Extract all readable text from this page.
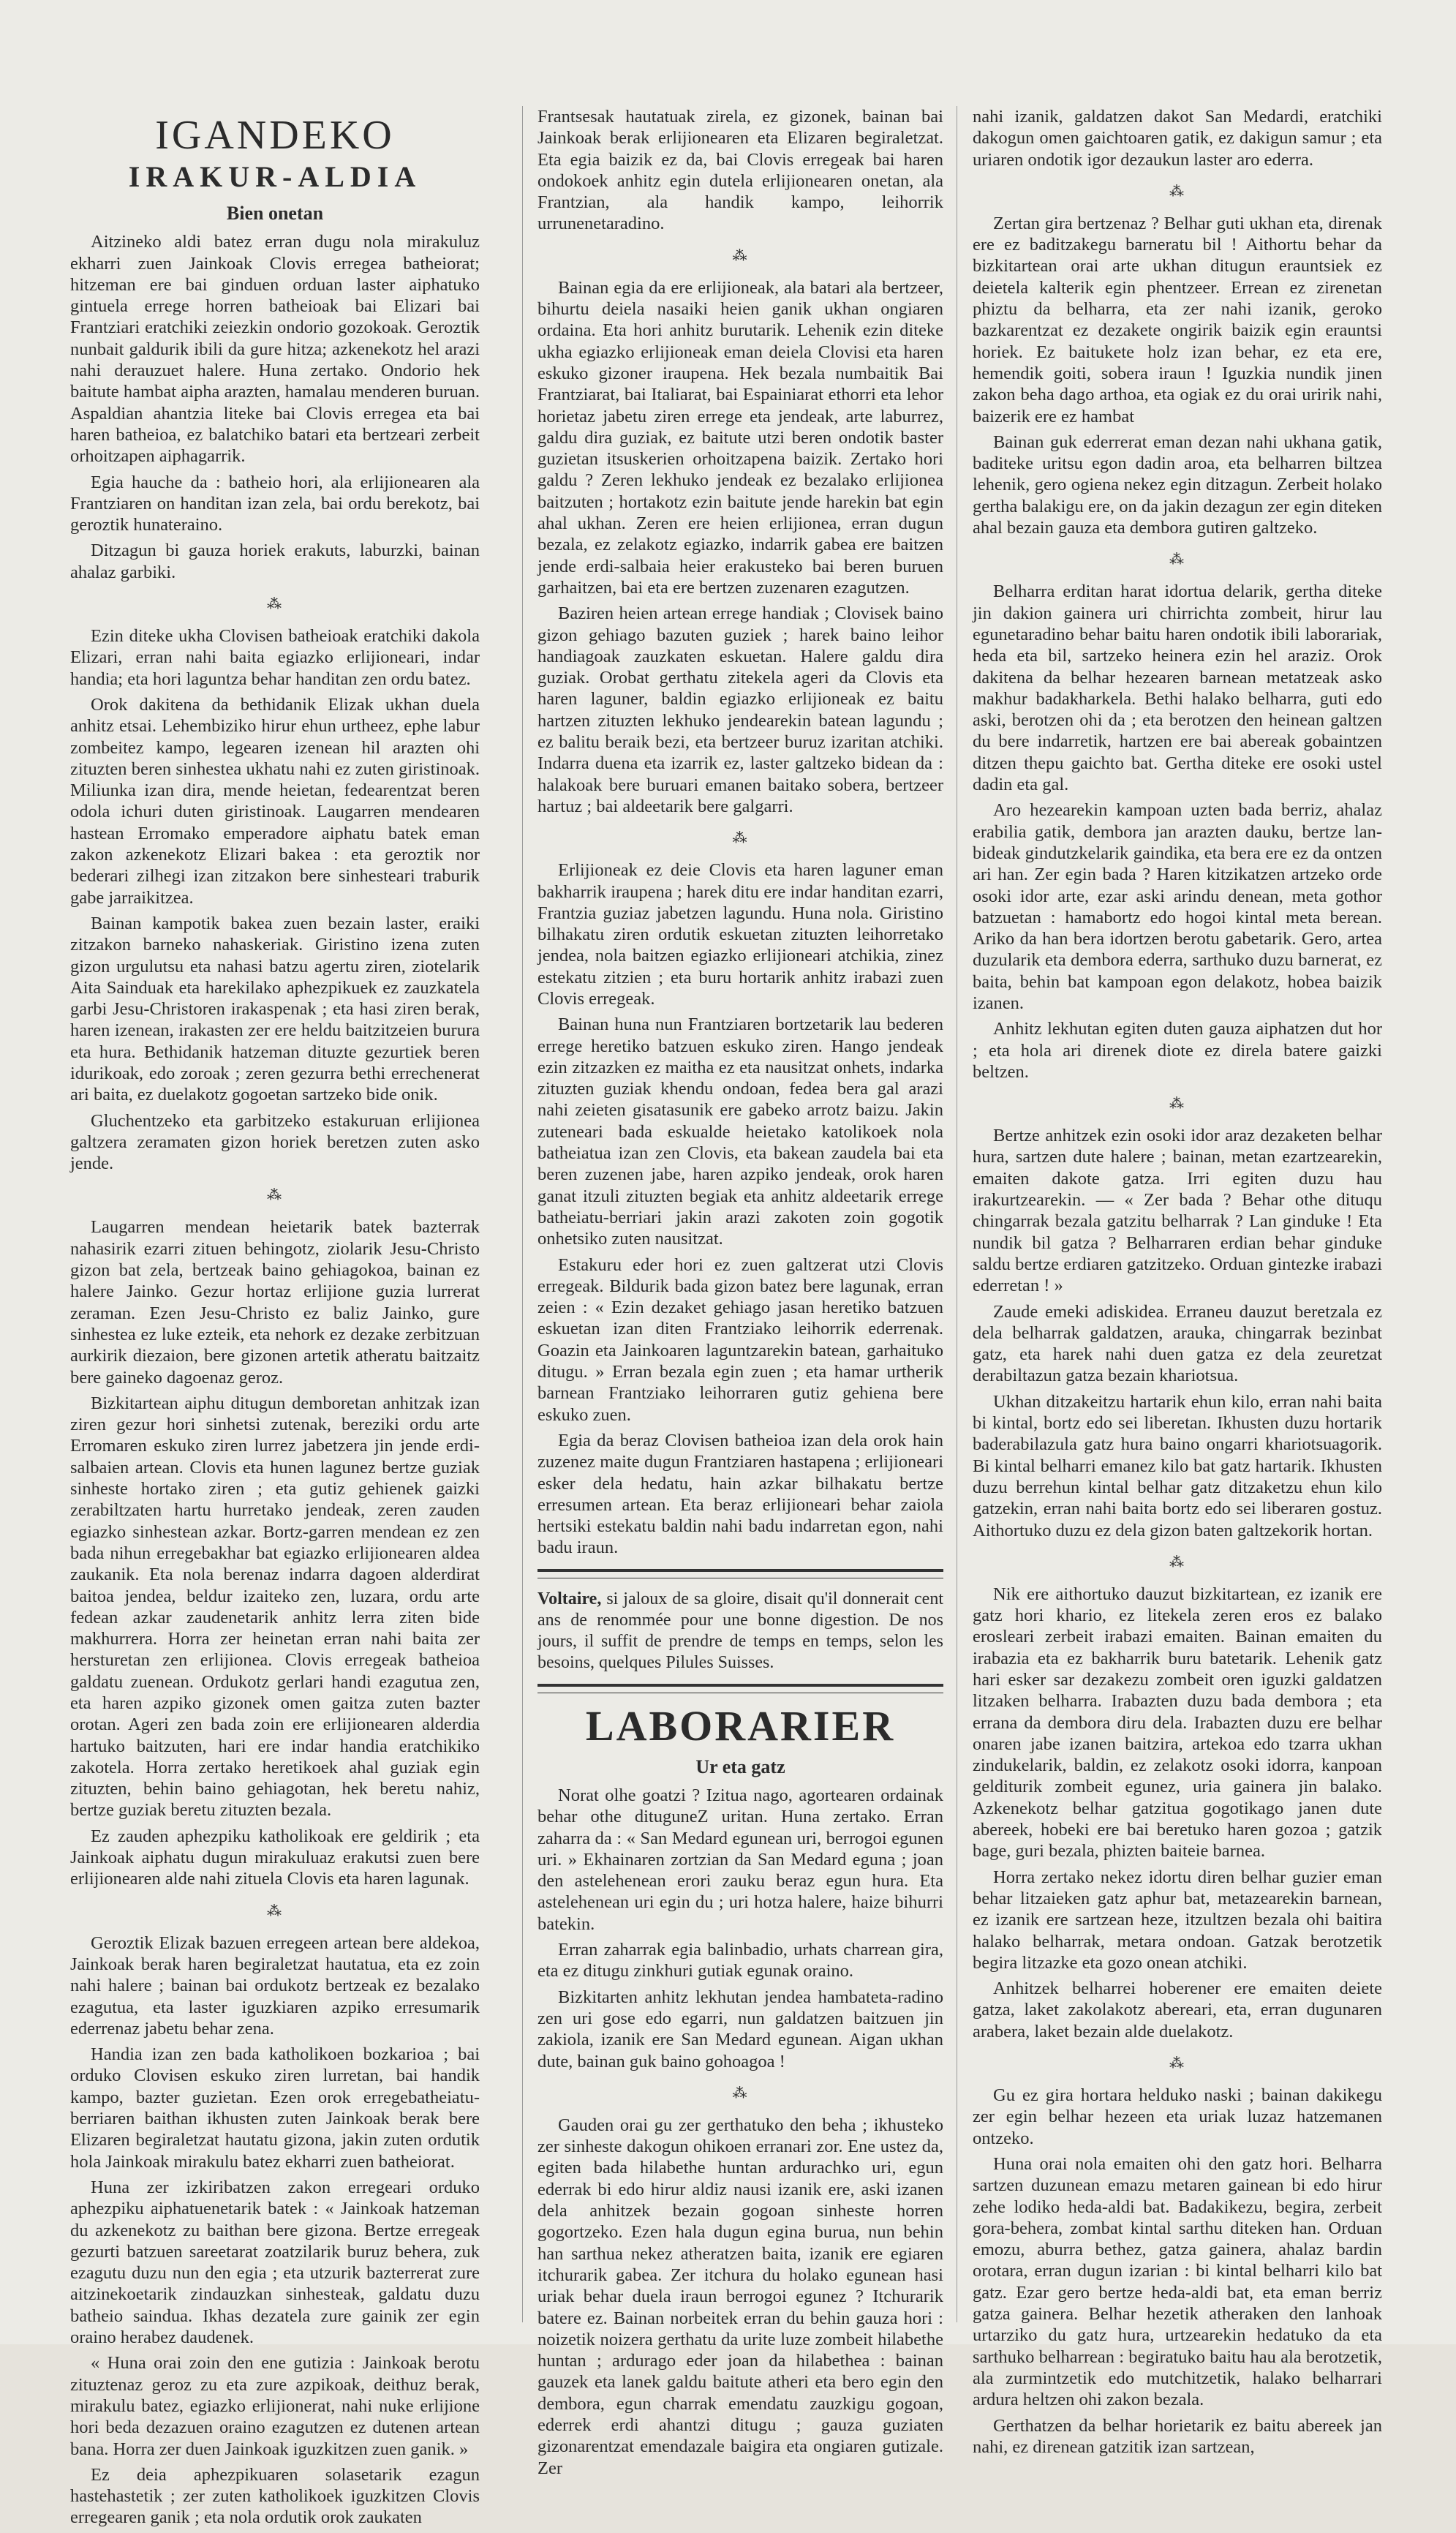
IGANDEKO
IRAKUR-ALDIA
Bien onetan

Aitzineko aldi batez erran dugu nola mirakuluz ekharri zuen Jainkoak Clovis erregea batheiorat; hitzeman ere bai ginduen orduan laster aiphatuko gintuela errege horren batheioak bai Elizari bai Frantziari eratchiki zeiezkin ondorio gozokoak. Geroztik nunbait galdurik ibili da gure hitza; azkenekotz hel arazi nahi derauzuet halere. Huna zertako. Ondorio hek baitute hambat aipha arazten, hamalau menderen buruan. Aspaldian ahantzia liteke bai Clovis erregea eta bai haren batheioa, ez balatchiko batari eta bertzeari zerbeit orhoitzapen aiphagarrik.

Egia hauche da : batheio hori, ala erlijionearen ala Frantziaren on handitan izan zela, bai ordu berekotz, bai geroztik hunateraino.

Ditzagun bi gauza horiek erakuts, laburzki, bainan ahalaz garbiki.

⁂

Ezin diteke ukha Clovisen batheioak eratchiki dakola Elizari, erran nahi baita egiazko erlijioneari, indar handia; eta hori laguntza behar handitan zen ordu batez.

Orok dakitena da bethidanik Elizak ukhan duela anhitz etsai. Lehembiziko hirur ehun urtheez, ephe labur zombeitez kampo, legearen izenean hil arazten ohi zituzten beren sinhestea ukhatu nahi ez zuten giristinoak. Miliunka izan dira, mende heietan, fedearentzat beren odola ichuri duten giristinoak. Laugarren mendearen hastean Erromako emperadore aiphatu batek eman zakon azkenekotz Elizari bakea : eta geroztik nor bederari zilhegi izan zitzakon bere sinhesteari traburik gabe jarraikitzea.

Bainan kampotik bakea zuen bezain laster, eraiki zitzakon barneko nahaskeriak. Giristino izena zuten gizon urgulutsu eta nahasi batzu agertu ziren, ziotelarik Aita Sainduak eta harekilako aphezpikuek ez zauzkatela garbi Jesu-Christoren irakaspenak ; eta hasi ziren berak, haren izenean, irakasten zer ere heldu baitzitzeien burura eta hura. Bethidanik hatzeman dituzte gezurtiek beren idurikoak, edo zoroak ; zeren gezurra bethi errechenerat ari baita, ez duelakotz gogoetan sartzeko bide onik.

Gluchentzeko eta garbitzeko estakuruan erlijionea galtzera zeramaten gizon horiek beretzen zuten asko jende.

⁂

Laugarren mendean heietarik batek bazterrak nahasirik ezarri zituen behingotz, ziolarik Jesu-Christo gizon bat zela, bertzeak baino gehiagokoa, bainan ez halere Jainko. Gezur hortaz erlijione guzia lurrerat zeraman. Ezen Jesu-Christo ez baliz Jainko, gure sinhestea ez luke ezteik, eta nehork ez dezake zerbitzuan aurkirik diezaion, bere gizonen artetik atheratu baitzaitz bere gaineko dagoenaz geroz.

Bizkitartean aiphu ditugun demboretan anhitzak izan ziren gezur hori sinhetsi zutenak, bereziki ordu arte Erromaren eskuko ziren lurrez jabetzera jin jende erdi-salbaien artean. Clovis eta hunen lagunez bertze guziak sinheste hortako ziren ; eta gutiz gehienek gaizki zerabiltzaten hartu hurretako jendeak, zeren zauden egiazko sinhestean azkar. Bortz-garren mendean ez zen bada nihun erregebakhar bat egiazko erlijionearen aldea zaukanik. Eta nola berenaz indarra dagoen alderdirat baitoa jendea, beldur izaiteko zen, luzara, ordu arte fedean azkar zaudenetarik anhitz lerra ziten bide makhurrera. Horra zer heinetan erran nahi baita zer hersturetan zen erlijionea. Clovis erregeak batheioa galdatu zuenean. Ordukotz gerlari handi ezagutua zen, eta haren azpiko gizonek omen gaitza zuten bazter orotan. Ageri zen bada zoin ere erlijionearen alderdia hartuko baitzuten, hari ere indar handia eratchikiko zakotela. Horra zertako heretikoek ahal guziak egin zituzten, behin baino gehiagotan, hek beretu nahiz, bertze guziak beretu zituzten bezala.

Ez zauden aphezpiku katholikoak ere geldirik ; eta Jainkoak aiphatu dugun mirakuluaz erakutsi zuen bere erlijionearen alde nahi zituela Clovis eta haren lagunak.

⁂

Geroztik Elizak bazuen erregeen artean bere aldekoa, Jainkoak berak haren begiraletzat hautatua, eta ez zoin nahi halere ; bainan bai ordukotz bertzeak ez bezalako ezagutua, eta laster iguzkiaren azpiko erresumarik ederrenaz jabetu behar zena.

Handia izan zen bada katholikoen bozkarioa ; bai orduko Clovisen eskuko ziren lurretan, bai handik kampo, bazter guzietan. Ezen orok erregebatheiatu-berriaren baithan ikhusten zuten Jainkoak berak bere Elizaren begiraletzat hautatu gizona, jakin zuten ordutik hola Jainkoak mirakulu batez ekharri zuen batheiorat.

Huna zer izkiribatzen zakon erregeari orduko aphezpiku aiphatuenetarik batek : « Jainkoak hatzeman du azkenekotz zu baithan bere gizona. Bertze erregeak gezurti batzuen sareetarat zoatzilarik buruz behera, zuk ezagutu duzu nun den egia ; eta utzurik bazterrerat zure aitzinekoetarik zindauzkan sinhesteak, galdatu duzu batheio saindua. Ikhas dezatela zure gainik zer egin oraino herabez daudenek.

« Huna orai zoin den ene gutizia : Jainkoak berotu zituztenaz geroz zu eta zure azpikoak, deithuz berak, mirakulu batez, egiazko erlijionerat, nahi nuke erlijione hori beda dezazuen oraino ezagutzen ez dutenen artean bana. Horra zer duen Jainkoak iguzkitzen zuen ganik. »

Ez deia aphezpikuaren solasetarik ezagun hastehastetik ; zer zuten katholikoek iguzkitzen Clovis erregearen ganik ; eta nola ordutik orok zaukaten

Frantsesak hautatuak zirela, ez gizonek, bainan bai Jainkoak berak erlijionearen eta Elizaren begiraletzat. Eta egia baizik ez da, bai Clovis erregeak bai haren ondokoek anhitz egin dutela erlijionearen onetan, ala Frantzian, ala handik kampo, leihorrik urrunenetaradino.

⁂

Bainan egia da ere erlijioneak, ala batari ala bertzeer, bihurtu deiela nasaiki heien ganik ukhan ongiaren ordaina. Eta hori anhitz burutarik. Lehenik ezin diteke ukha egiazko erlijioneak eman deiela Clovisi eta haren eskuko gizoner iraupena. Hek bezala numbaitik Bai Frantziarat, bai Italiarat, bai Espainiarat ethorri eta lehor horietaz jabetu ziren errege eta jendeak, arte laburrez, galdu dira guziak, ez baitute utzi beren ondotik baster guzietan itsuskerien orhoitzapena baizik. Zertako hori galdu ? Zeren lekhuko jendeak ez bezalako erlijionea baitzuten ; hortakotz ezin baitute jende harekin bat egin ahal ukhan. Zeren ere heien erlijionea, erran dugun bezala, ez zelakotz egiazko, indarrik gabea ere baitzen jende erdi-salbaia heier erakusteko bai beren buruen garhaitzen, bai eta ere bertzen zuzenaren ezagutzen.

Baziren heien artean errege handiak ; Clovisek baino gizon gehiago bazuten guziek ; harek baino leihor handiagoak zauzkaten eskuetan. Halere galdu dira guziak. Orobat gerthatu zitekela ageri da Clovis eta haren laguner, baldin egiazko erlijioneak ez baitu hartzen zituzten lekhuko jendearekin batean lagundu ; ez balitu beraik bezi, eta bertzeer buruz izaritan atchiki. Indarra duena eta izarrik ez, laster galtzeko bidean da : halakoak bere buruari emanen baitako sobera, bertzeer hartuz ; bai aldeetarik bere galgarri.

⁂

Erlijioneak ez deie Clovis eta haren laguner eman bakharrik iraupena ; harek ditu ere indar handitan ezarri, Frantzia guziaz jabetzen lagundu. Huna nola. Giristino bilhakatu ziren ordutik eskuetan zituzten leihorretako jendea, nola baitzen egiazko erlijioneari atchikia, zinez estekatu zitzien ; eta buru hortarik anhitz irabazi zuen Clovis erregeak.

Bainan huna nun Frantziaren bortzetarik lau bederen errege heretiko batzuen eskuko ziren. Hango jendeak ezin zitzazken ez maitha ez eta nausitzat onhets, indarka zituzten guziak khendu ondoan, fedea bera gal arazi nahi zeieten gisatasunik ere gabeko arrotz baizu. Jakin zuteneari bada eskualde heietako katolikoek nola batheiatua izan zen Clovis, eta bakean zaudela bai eta beren zuzenen jabe, haren azpiko jendeak, orok haren ganat itzuli zituzten begiak eta anhitz aldeetarik errege batheiatu-berriari jakin arazi zakoten zoin gogotik onhetsiko zuten nausitzat.

Estakuru eder hori ez zuen galtzerat utzi Clovis erregeak. Bildurik bada gizon batez bere lagunak, erran zeien : « Ezin dezaket gehiago jasan heretiko batzuen eskuetan izan diten Frantziako leihorrik ederrenak. Goazin eta Jainkoaren laguntzarekin batean, garhaituko ditugu. » Erran bezala egin zuen ; eta hamar urtherik barnean Frantziako leihorraren gutiz gehiena bere eskuko zuen.

Egia da beraz Clovisen batheioa izan dela orok hain zuzenez maite dugun Frantziaren hastapena ; erlijioneari esker dela hedatu, hain azkar bilhakatu bertze erresumen artean. Eta beraz erlijioneari behar zaiola hertsiki estekatu baldin nahi badu indarretan egon, nahi badu iraun.

Voltaire, si jaloux de sa gloire, disait qu'il donnerait cent ans de renommée pour une bonne digestion. De nos jours, il suffit de prendre de temps en temps, selon les besoins, quelques Pilules Suisses.
LABORARIER
Ur eta gatz

Norat olhe goatzi ? Izitua nago, agortearen ordainak behar othe dituguneZ uritan. Huna zertako. Erran zaharra da : « San Medard egunean uri, berrogoi egunen uri. » Ekhainaren zortzian da San Medard eguna ; joan den astelehenean erori zauku beraz egun hura. Eta astelehenean uri egin du ; uri hotza halere, haize bihurri batekin.

Erran zaharrak egia balinbadio, urhats charrean gira, eta ez ditugu zinkhuri gutiak egunak oraino.

Bizkitarten anhitz lekhutan jendea hambateta-radino zen uri gose edo egarri, nun galdatzen baitzuen jin zakiola, izanik ere San Medard egunean. Aigan ukhan dute, bainan guk baino gohoagoa !

⁂

Gauden orai gu zer gerthatuko den beha ; ikhusteko zer sinheste dakogun ohikoen erranari zor. Ene ustez da, egiten bada hilabethe huntan ardurachko uri, egun ederrak bi edo hirur aldiz nausi izanik ere, aski izanen dela anhitzek bezain gogoan sinheste horren gogortzeko. Ezen hala dugun egina burua, nun behin han sarthua nekez atheratzen baita, izanik ere egiaren itchurarik gabea. Zer itchura du holako egunean hasi uriak behar duela iraun berrogoi egunez ? Itchurarik batere ez. Bainan norbeitek erran du behin gauza hori : noizetik noizera gerthatu da urite luze zombeit hilabethe huntan ; ardurago eder joan da hilabethea : bainan gauzek eta lanek galdu baitute atheri eta bero egin den dembora, egun charrak emendatu zauzkigu gogoan, ederrek erdi ahantzi ditugu ; gauza guziaten gizonarentzat emendazale baigira eta ongiaren gutizale. Zer

nahi izanik, galdatzen dakot San Medardi, eratchiki dakogun omen gaichtoaren gatik, ez dakigun samur ; eta uriaren ondotik igor dezaukun laster aro ederra.

⁂

Zertan gira bertzenaz ? Belhar guti ukhan eta, direnak ere ez baditzakegu barneratu bil ! Aithortu behar da bizkitartean orai arte ukhan ditugun erauntsiek ez deietela kalterik egin phentzeer. Errean ez zirenetan phiztu da belharra, eta zer nahi izanik, geroko bazkarentzat ez dezakete ongirik baizik egin erauntsi horiek. Ez baitukete holz izan behar, ez eta ere, hemendik goiti, sobera iraun ! Iguzkia nundik jinen zakon beha dago arthoa, eta ogiak ez du orai uririk nahi, baizerik ere ez hambat

Bainan guk ederrerat eman dezan nahi ukhana gatik, baditeke uritsu egon dadin aroa, eta belharren biltzea lehenik, gero ogiena nekez egin ditzagun. Zerbeit holako gertha balakigu ere, on da jakin dezagun zer egin diteken ahal bezain gauza eta dembora gutiren galtzeko.

⁂

Belharra erditan harat idortua delarik, gertha diteke jin dakion gainera uri chirrichta zombeit, hirur lau egunetaradino behar baitu haren ondotik ibili laborariak, heda eta bil, sartzeko heinera ezin hel araziz. Orok dakitena da belhar hezearen barnean metatzeak asko makhur badakharkela. Bethi halako belharra, guti edo aski, berotzen ohi da ; eta berotzen den heinean galtzen du bere indarretik, hartzen ere bai abereak gobaintzen ditzen thepu gaichto bat. Gertha diteke ere osoki ustel dadin eta gal.

Aro hezearekin kampoan uzten bada berriz, ahalaz erabilia gatik, dembora jan arazten dauku, bertze lan-bideak gindutzkelarik gaindika, eta bera ere ez da ontzen ari han. Zer egin bada ? Haren kitzikatzen artzeko orde osoki idor arte, ezar aski arindu denean, meta gothor batzuetan : hamabortz edo hogoi kintal meta berean. Ariko da han bera idortzen berotu gabetarik. Gero, artea duzularik eta dembora ederra, sarthuko duzu barnerat, ez baita, behin bat kampoan egon delakotz, hobea baizik izanen.

Anhitz lekhutan egiten duten gauza aiphatzen dut hor ; eta hola ari direnek diote ez direla batere gaizki beltzen.

⁂

Bertze anhitzek ezin osoki idor araz dezaketen belhar hura, sartzen dute halere ; bainan, metan ezartzearekin, emaiten dakote gatza. Irri egiten duzu hau irakurtzearekin. — « Zer bada ? Behar othe dituqu chingarrak bezala gatzitu belharrak ? Lan ginduke ! Eta nundik bil gatza ? Belharraren erdian behar ginduke saldu bertze erdiaren gatzitzeko. Orduan gintezke irabazi ederretan ! »

Zaude emeki adiskidea. Erraneu dauzut beretzala ez dela belharrak galdatzen, arauka, chingarrak bezinbat gatz, eta harek nahi duen gatza ez dela zeuretzat derabiltazun gatza bezain khariotsua.

Ukhan ditzakeitzu hartarik ehun kilo, erran nahi baita bi kintal, bortz edo sei liberetan. Ikhusten duzu hortarik baderabilazula gatz hura baino ongarri khariotsuagorik. Bi kintal belharri emanez kilo bat gatz hartarik. Ikhusten duzu berrehun kintal belhar gatz ditzaketzu ehun kilo gatzekin, erran nahi baita bortz edo sei liberaren gostuz. Aithortuko duzu ez dela gizon baten galtzekorik hortan.

⁂

Nik ere aithortuko dauzut bizkitartean, ez izanik ere gatz hori khario, ez litekela zeren eros ez balako erosleari zerbeit irabazi emaiten. Bainan emaiten du irabazia eta ez bakharrik buru batetarik. Lehenik gatz hari esker sar dezakezu zombeit oren iguzki galdatzen litzaken belharra. Irabazten duzu bada dembora ; eta errana da dembora diru dela. Irabazten duzu ere belhar onaren jabe izanen baitzira, artekoa edo tzarra ukhan zindukelarik, baldin, ez zelakotz osoki idorra, kanpoan gelditurik zombeit egunez, uria gainera jin balako. Azkenekotz belhar gatzitua gogotikago janen dute abereek, hobeki ere bai beretuko haren gozoa ; gatzik bage, guri bezala, phizten baiteie barnea.

Horra zertako nekez idortu diren belhar guzier eman behar litzaieken gatz aphur bat, metazearekin barnean, ez izanik ere sartzean heze, itzultzen bezala ohi baitira halako belharrak, metara ondoan. Gatzak berotzetik begira litzazke eta gozo onean atchiki.

Anhitzek belharrei hoberener ere emaiten deiete gatza, laket zakolakotz abereari, eta, erran dugunaren arabera, laket bezain alde duelakotz.

⁂

Gu ez gira hortara helduko naski ; bainan dakikegu zer egin belhar hezeen eta uriak luzaz hatzemanen ontzeko.

Huna orai nola emaiten ohi den gatz hori. Belharra sartzen duzunean emazu metaren gainean bi edo hirur zehe lodiko heda-aldi bat. Badakikezu, begira, zerbeit gora-behera, zombat kintal sarthu diteken han. Orduan emozu, aburra bethez, gatza gainera, ahalaz bardin orotara, erran dugun izarian : bi kintal belharri kilo bat gatz. Ezar gero bertze heda-aldi bat, eta eman berriz gatza gainera. Belhar hezetik atheraken den lanhoak urtarziko du gatz hura, urtzearekin hedatuko da eta sarthuko belharrean : begiratuko baitu hau ala berotzetik, ala zurmintzetik edo mutchitzetik, halako belharrari ardura heltzen ohi zakon bezala.

Gerthatzen da belhar horietarik ez baitu abereek jan nahi, ez direnean gatzitik izan sartzean,
